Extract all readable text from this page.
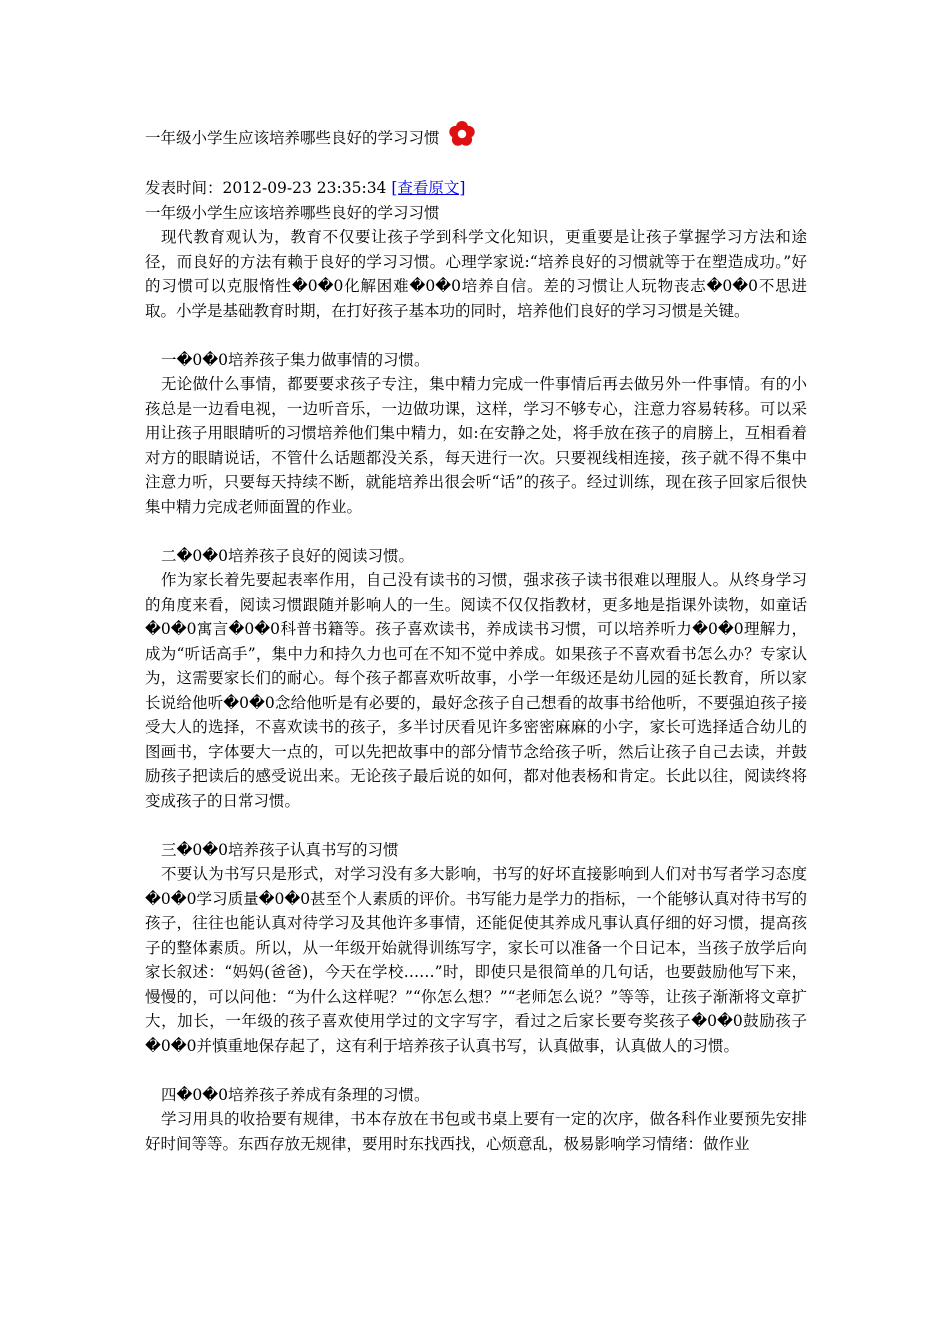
一年级小学生应该培养哪些良好的学习习惯
发表时间：2012-09-23 23:35:34 [查看原文]

一年级小学生应该培养哪些良好的学习习惯

现代教育观认为，教育不仅要让孩子学到科学文化知识，更重要是让孩子掌握学习方法和途径，而良好的方法有赖于良好的学习习惯。心理学家说:“培养良好的习惯就等于在塑造成功。”好的习惯可以克服惰性�0�0化解困难�0�0培养自信。差的习惯让人玩物丧志�0�0不思进取。小学是基础教育时期，在打好孩子基本功的同时，培养他们良好的学习习惯是关键。

一�0�0培养孩子集力做事情的习惯。

无论做什么事情，都要要求孩子专注，集中精力完成一件事情后再去做另外一件事情。有的小孩总是一边看电视，一边听音乐，一边做功课，这样，学习不够专心，注意力容易转移。可以采用让孩子用眼睛听的习惯培养他们集中精力，如:在安静之处，将手放在孩子的肩膀上，互相看着对方的眼睛说话，不管什么话题都没关系，每天进行一次。只要视线相连接，孩子就不得不集中注意力听，只要每天持续不断，就能培养出很会听“话”的孩子。经过训练，现在孩子回家后很快集中精力完成老师面置的作业。

二�0�0培养孩子良好的阅读习惯。

作为家长着先要起表率作用，自己没有读书的习惯，强求孩子读书很难以理服人。从终身学习的角度来看，阅读习惯跟随并影响人的一生。阅读不仅仅指教材，更多地是指课外读物，如童话�0�0寓言�0�0科普书籍等。孩子喜欢读书，养成读书习惯，可以培养听力�0�0理解力，成为“听话高手”，集中力和持久力也可在不知不觉中养成。如果孩子不喜欢看书怎么办？专家认为，这需要家长们的耐心。每个孩子都喜欢听故事，小学一年级还是幼儿园的延长教育，所以家长说给他听�0�0念给他听是有必要的，最好念孩子自己想看的故事书给他听，不要强迫孩子接受大人的选择，不喜欢读书的孩子，多半讨厌看见许多密密麻麻的小字，家长可选择适合幼儿的图画书，字体要大一点的，可以先把故事中的部分情节念给孩子听，然后让孩子自己去读，并鼓励孩子把读后的感受说出来。无论孩子最后说的如何，都对他表杨和肯定。长此以往，阅读终将变成孩子的日常习惯。

三�0�0培养孩子认真书写的习惯

不要认为书写只是形式，对学习没有多大影响，书写的好坏直接影响到人们对书写者学习态度�0�0学习质量�0�0甚至个人素质的评价。书写能力是学力的指标，一个能够认真对待书写的孩子，往往也能认真对待学习及其他许多事情，还能促使其养成凡事认真仔细的好习惯，提高孩子的整体素质。所以，从一年级开始就得训练写字，家长可以准备一个日记本，当孩子放学后向家长叙述：“妈妈(爸爸)，今天在学校……”时，即使只是很简单的几句话，也要鼓励他写下来，慢慢的，可以问他：“为什么这样呢？”“你怎么想？”“老师怎么说？”等等，让孩子渐渐将文章扩大，加长，一年级的孩子喜欢使用学过的文字写字，看过之后家长要夸奖孩子�0�0鼓励孩子�0�0并慎重地保存起了，这有利于培养孩子认真书写，认真做事，认真做人的习惯。

四�0�0培养孩子养成有条理的习惯。

学习用具的收拾要有规律，书本存放在书包或书桌上要有一定的次序，做各科作业要预先安排好时间等等。东西存放无规律，要用时东找西找，心烦意乱，极易影响学习情绪：做作业
